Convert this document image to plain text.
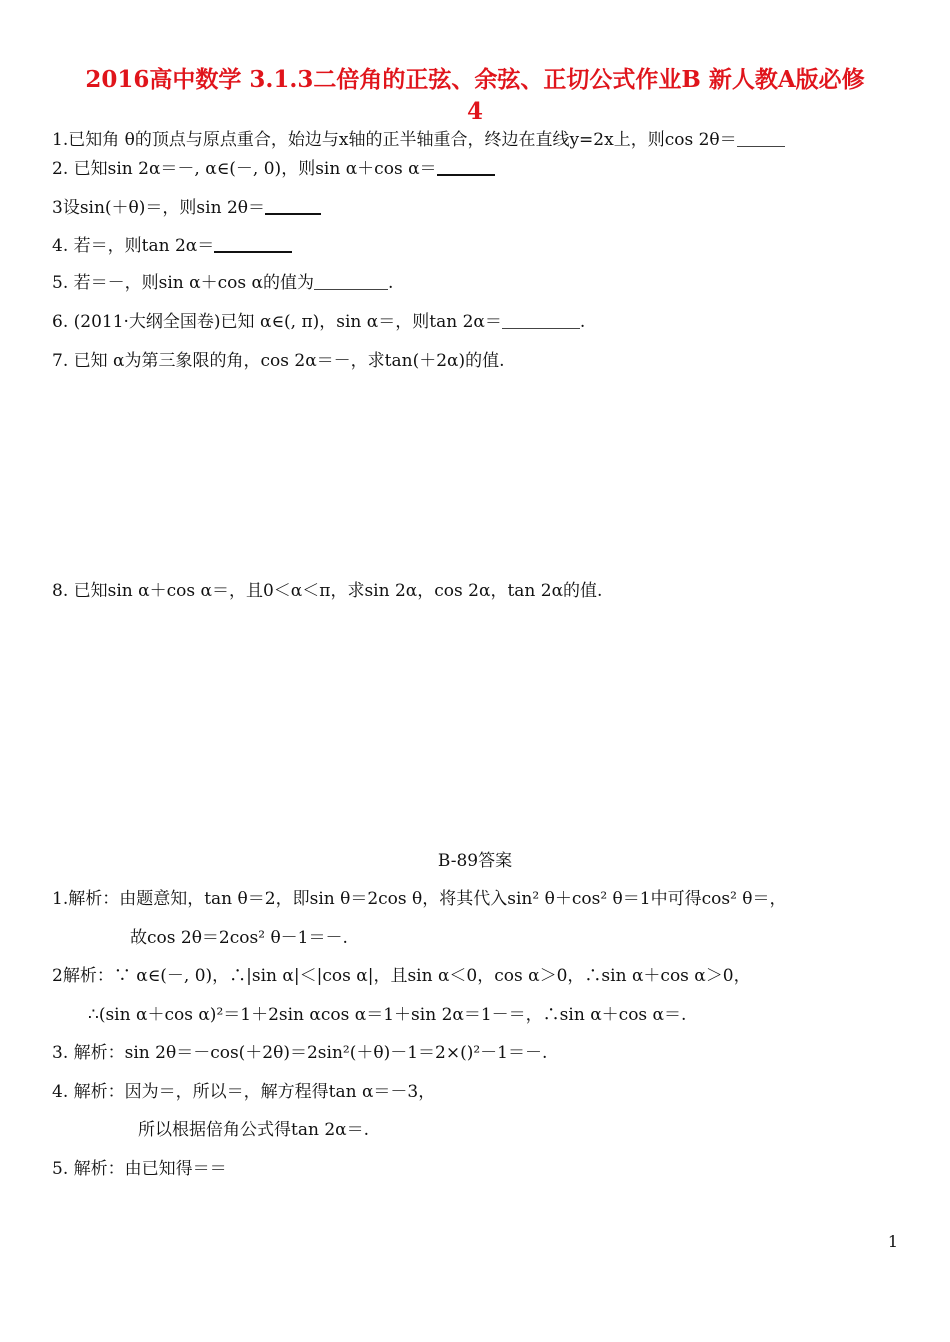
2016高中数学 3.1.3二倍角的正弦、余弦、正切公式作业B 新人教A版必修
4
1.已知角 θ的顶点与原点重合，始边与x轴的正半轴重合，终边在直线y=2x上，则cos 2θ＝
2. 已知sin 2α＝－, α∈(－, 0)，则sin α＋cos α＝
3设sin(＋θ)＝，则sin 2θ＝
4. 若＝，则tan 2α＝
5. 若＝－，则sin α＋cos α的值为	.
6. (2011·大纲全国卷)已知 α∈(, π)，sin α＝，则tan 2α＝	.
7. 已知 α为第三象限的角，cos 2α＝－，求tan(＋2α)的值.
8. 已知sin α＋cos α＝，且0＜α＜π，求sin 2α，cos 2α，tan 2α的值.
B-89答案
1.解析：由题意知，tan θ＝2，即sin θ＝2cos θ，将其代入sin² θ＋cos² θ＝1中可得cos² θ＝，
故cos 2θ＝2cos² θ－1＝－.
2解析：∵ α∈(－, 0)，∴|sin α|＜|cos α|，且sin α＜0，cos α＞0，∴sin α＋cos α＞0，
∴(sin α＋cos α)²＝1＋2sin αcos α＝1＋sin 2α＝1－＝，∴sin α＋cos α＝.
3. 解析：sin 2θ＝－cos(＋2θ)＝2sin²(＋θ)－1＝2×()²－1＝－.
4. 解析：因为＝，所以＝，解方程得tan α＝－3，
所以根据倍角公式得tan 2α＝.
5. 解析：由已知得＝＝
1
